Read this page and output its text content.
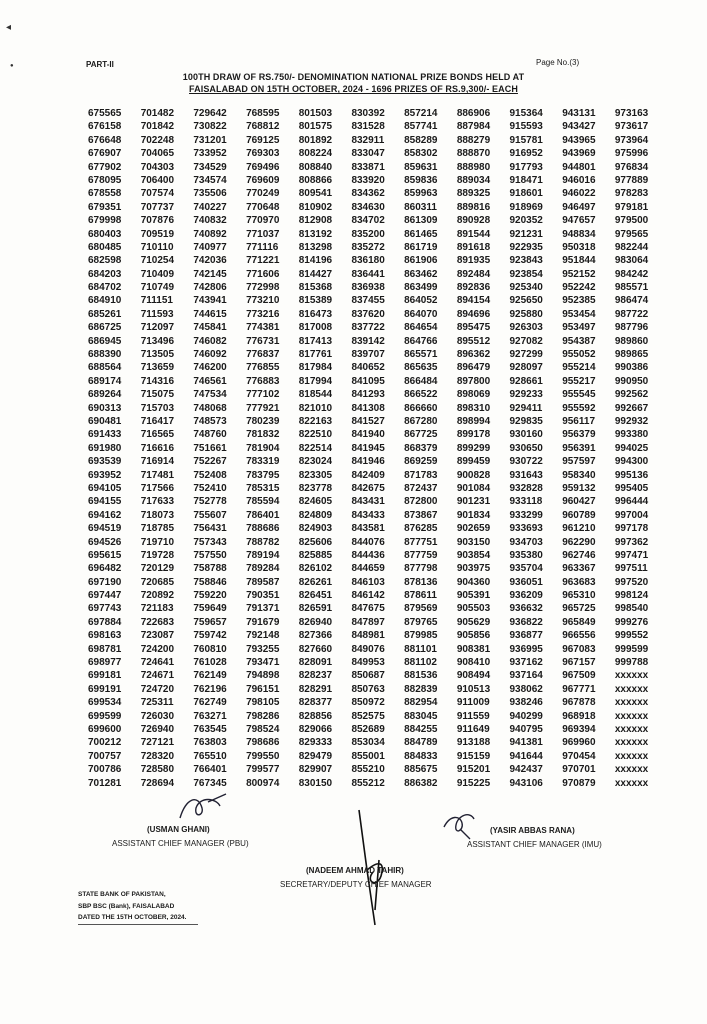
◂
●	PART-II	Page No.(3)
100TH DRAW OF RS.750/- DENOMINATION NATIONAL PRIZE BONDS HELD AT
FAISALABAD ON 15TH OCTOBER, 2024 - 1696 PRIZES OF RS.9,300/- EACH
675565	701482	729642	768595	801503	830392	857214	886906	915364	943131	973163
676158	701842	730822	768812	801575	831528	857741	887984	915593	943427	973617
676648	702248	731201	769125	801892	832911	858289	888279	915781	943965	973964
676907	704065	733952	769303	808224	833047	858302	888870	916952	943969	975996
677902	704303	734529	769496	808840	833871	859631	888980	917793	944801	976834
678095	706400	734574	769609	808866	833920	859836	889034	918471	946016	977889
678558	707574	735506	770249	809541	834362	859963	889325	918601	946022	978283
679351	707737	740227	770648	810902	834630	860311	889816	918969	946497	979181
679998	707876	740832	770970	812908	834702	861309	890928	920352	947657	979500
680403	709519	740892	771037	813192	835200	861465	891544	921231	948834	979565
680485	710110	740977	771116	813298	835272	861719	891618	922935	950318	982244
682598	710254	742036	771221	814196	836180	861906	891935	923843	951844	983064
684203	710409	742145	771606	814427	836441	863462	892484	923854	952152	984242
684702	710749	742806	772998	815368	836938	863499	892836	925340	952242	985571
684910	711151	743941	773210	815389	837455	864052	894154	925650	952385	986474
685261	711593	744615	773216	816473	837620	864070	894696	925880	953454	987722
686725	712097	745841	774381	817008	837722	864654	895475	926303	953497	987796
686945	713496	746082	776731	817413	839142	864766	895512	927082	954387	989860
688390	713505	746092	776837	817761	839707	865571	896362	927299	955052	989865
688564	713659	746200	776855	817984	840652	865635	896479	928097	955214	990386
689174	714316	746561	776883	817994	841095	866484	897800	928661	955217	990950
689264	715075	747534	777102	818544	841293	866522	898069	929233	955545	992562
690313	715703	748068	777921	821010	841308	866660	898310	929411	955592	992667
690481	716417	748573	780239	822163	841527	867280	898994	929835	956117	992932
691433	716565	748760	781832	822510	841940	867725	899178	930160	956379	993380
691980	716616	751661	781904	822514	841945	868379	899299	930650	956391	994025
693539	716914	752267	783319	823024	841946	869259	899459	930722	957597	994300
693952	717481	752408	783795	823305	842409	871783	900828	931643	958340	995136
694105	717566	752410	785315	823778	842675	872437	901084	932828	959132	995405
694155	717633	752778	785594	824605	843431	872800	901231	933118	960427	996444
694162	718073	755607	786401	824809	843433	873867	901834	933299	960789	997004
694519	718785	756431	788686	824903	843581	876285	902659	933693	961210	997178
694526	719710	757343	788782	825606	844076	877751	903150	934703	962290	997362
695615	719728	757550	789194	825885	844436	877759	903854	935380	962746	997471
696482	720129	758788	789284	826102	844659	877798	903975	935704	963367	997511
697190	720685	758846	789587	826261	846103	878136	904360	936051	963683	997520
697447	720892	759220	790351	826451	846142	878611	905391	936209	965310	998124
697743	721183	759649	791371	826591	847675	879569	905503	936632	965725	998540
697884	722683	759657	791679	826940	847897	879765	905629	936822	965849	999276
698163	723087	759742	792148	827366	848981	879985	905856	936877	966556	999552
698781	724200	760810	793255	827660	849076	881101	908381	936995	967083	999599
698977	724641	761028	793471	828091	849953	881102	908410	937162	967157	999788
699181	724671	762149	794898	828237	850687	881536	908494	937164	967509	xxxxxx
699191	724720	762196	796151	828291	850763	882839	910513	938062	967771	xxxxxx
699534	725311	762749	798105	828377	850972	882954	911009	938246	967878	xxxxxx
699599	726030	763271	798286	828856	852575	883045	911559	940299	968918	xxxxxx
699600	726940	763545	798524	829066	852689	884255	911649	940795	969394	xxxxxx
700212	727121	763803	798686	829333	853034	884789	913188	941381	969960	xxxxxx
700757	728320	765510	799550	829479	855001	884833	915159	941644	970454	xxxxxx
700786	728580	766401	799577	829907	855210	885675	915201	942437	970701	xxxxxx
701281	728694	767345	800974	830150	855212	886382	915225	943106	970879	xxxxxx
(USMAN GHANI)
ASSISTANT CHIEF MANAGER (PBU)
(YASIR ABBAS RANA)
ASSISTANT CHIEF MANAGER (IMU)
(NADEEM AHMAD TAHIR)
SECRETARY/DEPUTY CHIEF MANAGER
STATE BANK OF PAKISTAN,
SBP BSC (Bank), FAISALABAD
DATED THE 15TH OCTOBER, 2024.
